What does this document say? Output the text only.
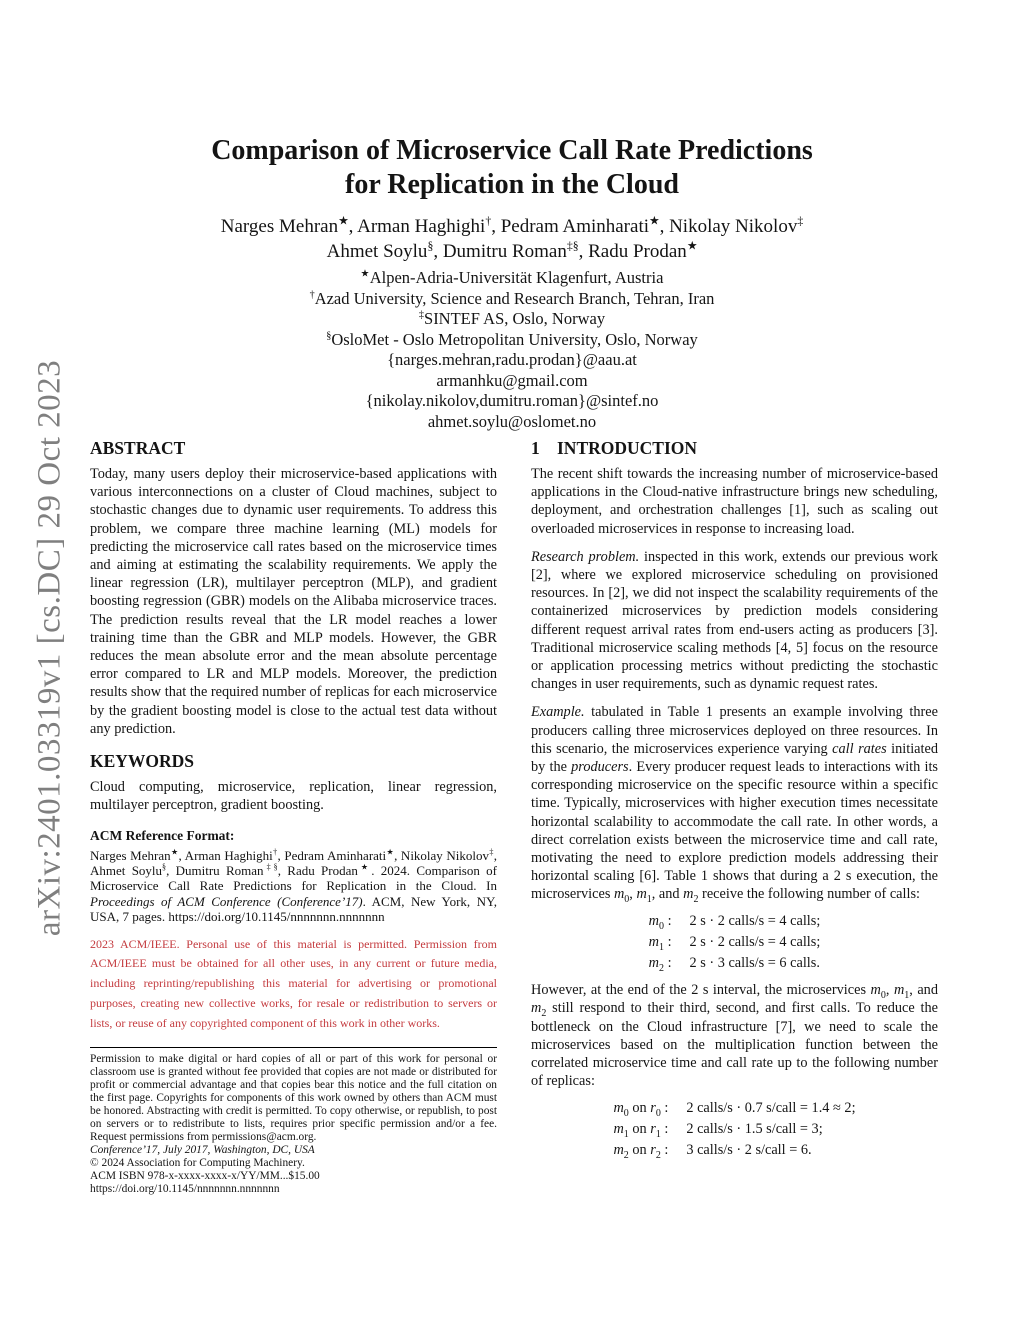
arXiv:2401.03319v1 [cs.DC] 29 Oct 2023
Comparison of Microservice Call Rate Predictions
for Replication in the Cloud
Narges Mehran★, Arman Haghighi†, Pedram Aminharati★, Nikolay Nikolov‡
Ahmet Soylu§, Dumitru Roman‡§, Radu Prodan★
★Alpen-Adria-Universität Klagenfurt, Austria
†Azad University, Science and Research Branch, Tehran, Iran
‡SINTEF AS, Oslo, Norway
§OsloMet - Oslo Metropolitan University, Oslo, Norway
{narges.mehran,radu.prodan}@aau.at
armanhku@gmail.com
{nikolay.nikolov,dumitru.roman}@sintef.no
ahmet.soylu@oslomet.no
ABSTRACT

Today, many users deploy their microservice-based applications with various interconnections on a cluster of Cloud machines, subject to stochastic changes due to dynamic user requirements. To address this problem, we compare three machine learning (ML) models for predicting the microservice call rates based on the microservice times and aiming at estimating the scalability requirements. We apply the linear regression (LR), multilayer perceptron (MLP), and gradient boosting regression (GBR) models on the Alibaba microservice traces. The prediction results reveal that the LR model reaches a lower training time than the GBR and MLP models. However, the GBR reduces the mean absolute error and the mean absolute percentage error compared to LR and MLP models. Moreover, the prediction results show that the required number of replicas for each microservice by the gradient boosting model is close to the actual test data without any prediction.

KEYWORDS

Cloud computing, microservice, replication, linear regression, multilayer perceptron, gradient boosting.

ACM Reference Format:

Narges Mehran★, Arman Haghighi†, Pedram Aminharati★, Nikolay Nikolov‡, Ahmet Soylu§, Dumitru Roman‡§, Radu Prodan★. 2024. Comparison of Microservice Call Rate Predictions for Replication in the Cloud. In Proceedings of ACM Conference (Conference’17). ACM, New York, NY, USA, 7 pages. https://doi.org/10.1145/nnnnnnn.nnnnnnn

2023 ACM/IEEE. Personal use of this material is permitted. Permission from ACM/IEEE must be obtained for all other uses, in any current or future media, including reprinting/republishing this material for advertising or promotional purposes, creating new collective works, for resale or redistribution to servers or lists, or reuse of any copyrighted component of this work in other works.

Permission to make digital or hard copies of all or part of this work for personal or classroom use is granted without fee provided that copies are not made or distributed for profit or commercial advantage and that copies bear this notice and the full citation on the first page. Copyrights for components of this work owned by others than ACM must be honored. Abstracting with credit is permitted. To copy otherwise, or republish, to post on servers or to redistribute to lists, requires prior specific permission and/or a fee. Request permissions from permissions@acm.org.

Conference’17, July 2017, Washington, DC, USA
© 2024 Association for Computing Machinery.
ACM ISBN 978-x-xxxx-xxxx-x/YY/MM...$15.00
https://doi.org/10.1145/nnnnnnn.nnnnnnn
1 INTRODUCTION

The recent shift towards the increasing number of microservice-based applications in the Cloud-native infrastructure brings new scheduling, deployment, and orchestration challenges [1], such as scaling out overloaded microservices in response to increasing load.

Research problem. inspected in this work, extends our previous work [2], where we explored microservice scheduling on provisioned resources. In [2], we did not inspect the scalability requirements of the containerized microservices by prediction models considering different request arrival rates from end-users acting as producers [3]. Traditional microservice scaling methods [4, 5] focus on the resource or application processing metrics without predicting the stochastic changes in user requirements, such as dynamic request rates.

Example. tabulated in Table 1 presents an example involving three producers calling three microservices deployed on three resources. In this scenario, the microservices experience varying call rates initiated by the producers. Every producer request leads to interactions with its corresponding microservice on the specific resource within a specific time. Typically, microservices with higher execution times necessitate horizontal scalability to accommodate the call rate. In other words, a direct correlation exists between the microservice time and call rate, motivating the need to explore prediction models addressing their horizontal scaling [6]. Table 1 shows that during a 2 s execution, the microservices $m_0$, $m_1$, and $m_2$ receive the following number of calls:

$m_0$ :	2 s · 2 calls/s = 4 calls;
$m_1$ :	2 s · 2 calls/s = 4 calls;
$m_2$ :	2 s · 3 calls/s = 6 calls.

However, at the end of the 2 s interval, the microservices $m_0$, $m_1$, and $m_2$ still respond to their third, second, and first calls. To reduce the bottleneck on the Cloud infrastructure [7], we need to scale the microservices based on the multiplication function between the correlated microservice time and call rate up to the following number of replicas:

$m_0$ on $r_0$ :	2 calls/s · 0.7 s/call = 1.4 ≈ 2;
$m_1$ on $r_1$ :	2 calls/s · 1.5 s/call = 3;
$m_2$ on $r_2$ :	3 calls/s · 2 s/call = 6.
